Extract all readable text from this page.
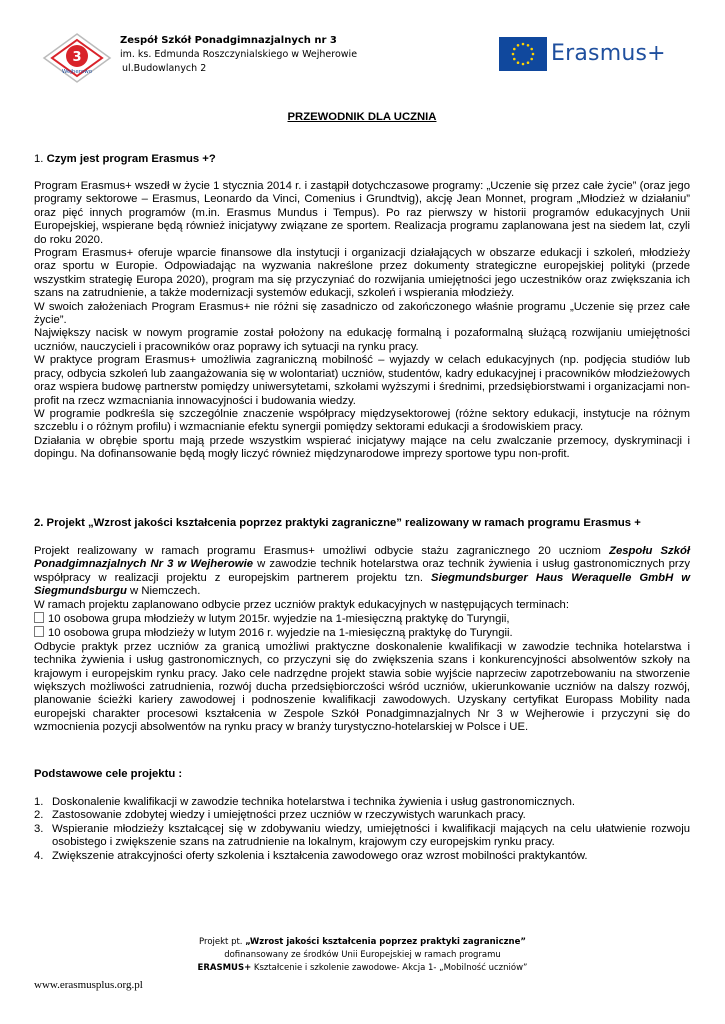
3
Wejherowo
Zespół Szkół Ponadgimnazjalnych nr 3
im. ks. Edmunda Roszczynialskiego w Wejherowie
ul.Budowlanych 2
Erasmus+
PRZEWODNIK DLA UCZNIA
1. Czym jest program Erasmus +?

Program Erasmus+ wszedł w życie 1 stycznia 2014 r. i zastąpił dotychczasowe programy: „Uczenie się przez całe życie” (oraz jego programy sektorowe – Erasmus, Leonardo da Vinci, Comenius i Grundtvig), akcję Jean Monnet, program „Młodzież w działaniu” oraz pięć innych programów (m.in. Erasmus Mundus i Tempus). Po raz pierwszy w historii programów edukacyjnych Unii Europejskiej, wspierane będą również inicjatywy związane ze sportem. Realizacja programu zaplanowana jest na siedem lat, czyli do roku 2020.

Program Erasmus+ oferuje wparcie finansowe dla instytucji i organizacji działających w obszarze edukacji i szkoleń, młodzieży oraz sportu w Europie. Odpowiadając na wyzwania nakreślone przez dokumenty strategiczne europejskiej polityki (przede wszystkim strategię Europa 2020), program ma się przyczyniać do rozwijania umiejętności jego uczestników oraz zwiększania ich szans na zatrudnienie, a także modernizacji systemów edukacji, szkoleń i wspierania młodzieży.

W swoich założeniach Program Erasmus+ nie różni się zasadniczo od zakończonego właśnie programu „Uczenie się przez całe życie”.

Największy nacisk w nowym programie został położony na edukację formalną i pozaformalną służącą rozwijaniu umiejętności uczniów, nauczycieli i pracowników oraz poprawy ich sytuacji na rynku pracy.

W praktyce program Erasmus+ umożliwia zagraniczną mobilność – wyjazdy w celach edukacyjnych (np. podjęcia studiów lub pracy, odbycia szkoleń lub zaangażowania się w wolontariat) uczniów, studentów, kadry edukacyjnej i pracowników młodzieżowych oraz wspiera budowę partnerstw pomiędzy uniwersytetami, szkołami wyższymi i średnimi, przedsiębiorstwami i organizacjami non-profit na rzecz wzmacniania innowacyjności i budowania wiedzy.

W programie podkreśla się szczególnie znaczenie współpracy międzysektorowej (różne sektory edukacji, instytucje na różnym szczeblu i o różnym profilu) i wzmacnianie efektu synergii pomiędzy sektorami edukacji a środowiskiem pracy.

Działania w obrębie sportu mają przede wszystkim wspierać inicjatywy mające na celu zwalczanie przemocy, dyskryminacji i dopingu. Na dofinansowanie będą mogły liczyć również międzynarodowe imprezy sportowe typu non-profit.

2. Projekt „Wzrost jakości kształcenia poprzez praktyki zagraniczne” realizowany w ramach programu Erasmus +

Projekt realizowany w ramach programu Erasmus+ umożliwi odbycie stażu zagranicznego 20 uczniom Zespołu Szkół Ponadgimnazjalnych Nr 3 w Wejherowie w zawodzie technik hotelarstwa oraz technik żywienia i usług gastronomicznych przy współpracy w realizacji projektu z europejskim partnerem projektu tzn. Siegmundsburger Haus Weraquelle GmbH w Siegmundsburgu w Niemczech.

W ramach projektu zaplanowano odbycie przez uczniów praktyk edukacyjnych w następujących terminach:

10 osobowa grupa młodzieży w lutym 2015r. wyjedzie na 1-miesięczną praktykę do Turyngii,

10 osobowa grupa młodzieży w lutym 2016 r. wyjedzie na 1-miesięczną praktykę do Turyngii.

Odbycie praktyk przez uczniów za granicą umożliwi praktyczne doskonalenie kwalifikacji w zawodzie technika hotelarstwa i technika żywienia i usług gastronomicznych, co przyczyni się do zwiększenia szans i konkurencyjności absolwentów szkoły na krajowym i europejskim rynku pracy. Jako cele nadrzędne projekt stawia sobie wyjście naprzeciw zapotrzebowaniu na stworzenie większych możliwości zatrudnienia, rozwój ducha przedsiębiorczości wśród uczniów, ukierunkowanie uczniów na dalszy rozwój, planowanie ścieżki kariery zawodowej i podnoszenie kwalifikacji zawodowych. Uzyskany certyfikat Europass Mobility nada europejski charakter procesowi kształcenia w Zespole Szkół Ponadgimnazjalnych Nr 3 w Wejherowie i przyczyni się do wzmocnienia pozycji absolwentów na rynku pracy w branży turystyczno-hotelarskiej w Polsce i UE.

Podstawowe cele projektu :
1. Doskonalenie kwalifikacji w zawodzie technika hotelarstwa i technika żywienia i usług gastronomicznych.
2. Zastosowanie zdobytej wiedzy i umiejętności przez uczniów w rzeczywistych warunkach pracy.
3. Wspieranie młodzieży kształcącej się w zdobywaniu wiedzy, umiejętności i kwalifikacji mających na celu ułatwienie rozwoju osobistego i zwiększenie szans na zatrudnienie na lokalnym, krajowym czy europejskim rynku pracy.
4. Zwiększenie atrakcyjności oferty szkolenia i kształcenia zawodowego oraz wzrost mobilności praktykantów.
Projekt pt. „Wzrost jakości kształcenia poprzez praktyki zagraniczne”
dofinansowany ze środków Unii Europejskiej w ramach programu
ERASMUS+ Kształcenie i szkolenie zawodowe- Akcja 1- „Mobilność uczniów”
www.erasmusplus.org.pl
